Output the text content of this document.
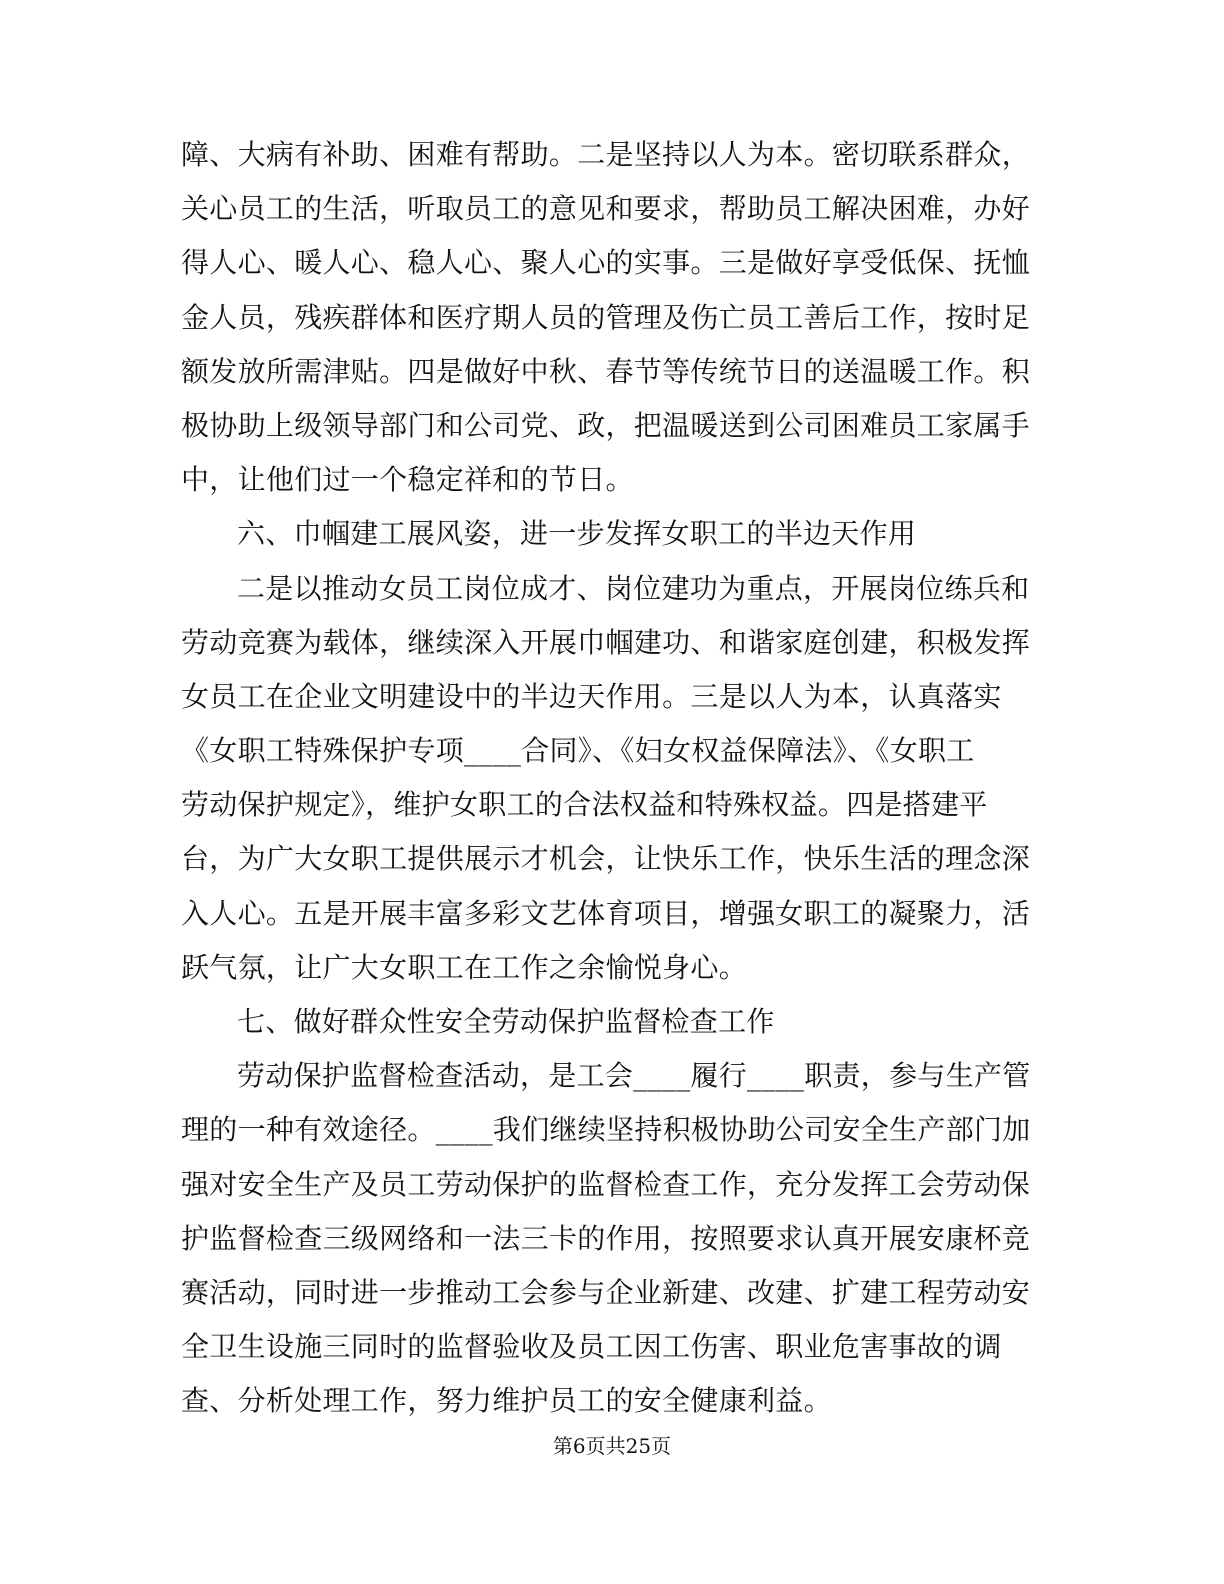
障、大病有补助、困难有帮助。二是坚持以人为本。密切联系群众，
关心员工的生活，听取员工的意见和要求，帮助员工解决困难，办好
得人心、暖人心、稳人心、聚人心的实事。三是做好享受低保、抚恤
金人员，残疾群体和医疗期人员的管理及伤亡员工善后工作，按时足
额发放所需津贴。四是做好中秋、春节等传统节日的送温暖工作。积
极协助上级领导部门和公司党、政，把温暖送到公司困难员工家属手
中，让他们过一个稳定祥和的节日。
六、巾帼建工展风姿，进一步发挥女职工的半边天作用
二是以推动女员工岗位成才、岗位建功为重点，开展岗位练兵和
劳动竞赛为载体，继续深入开展巾帼建功、和谐家庭创建，积极发挥
女员工在企业文明建设中的半边天作用。三是以人为本，认真落实
《女职工特殊保护专项____合同》、《妇女权益保障法》、《女职工
劳动保护规定》，维护女职工的合法权益和特殊权益。四是搭建平
台，为广大女职工提供展示才机会，让快乐工作，快乐生活的理念深
入人心。五是开展丰富多彩文艺体育项目，增强女职工的凝聚力，活
跃气氛，让广大女职工在工作之余愉悦身心。
七、做好群众性安全劳动保护监督检查工作
劳动保护监督检查活动，是工会____履行____职责，参与生产管
理的一种有效途径。____我们继续坚持积极协助公司安全生产部门加
强对安全生产及员工劳动保护的监督检查工作，充分发挥工会劳动保
护监督检查三级网络和一法三卡的作用，按照要求认真开展安康杯竞
赛活动，同时进一步推动工会参与企业新建、改建、扩建工程劳动安
全卫生设施三同时的监督验收及员工因工伤害、职业危害事故的调
查、分析处理工作，努力维护员工的安全健康利益。
第6页共25页
